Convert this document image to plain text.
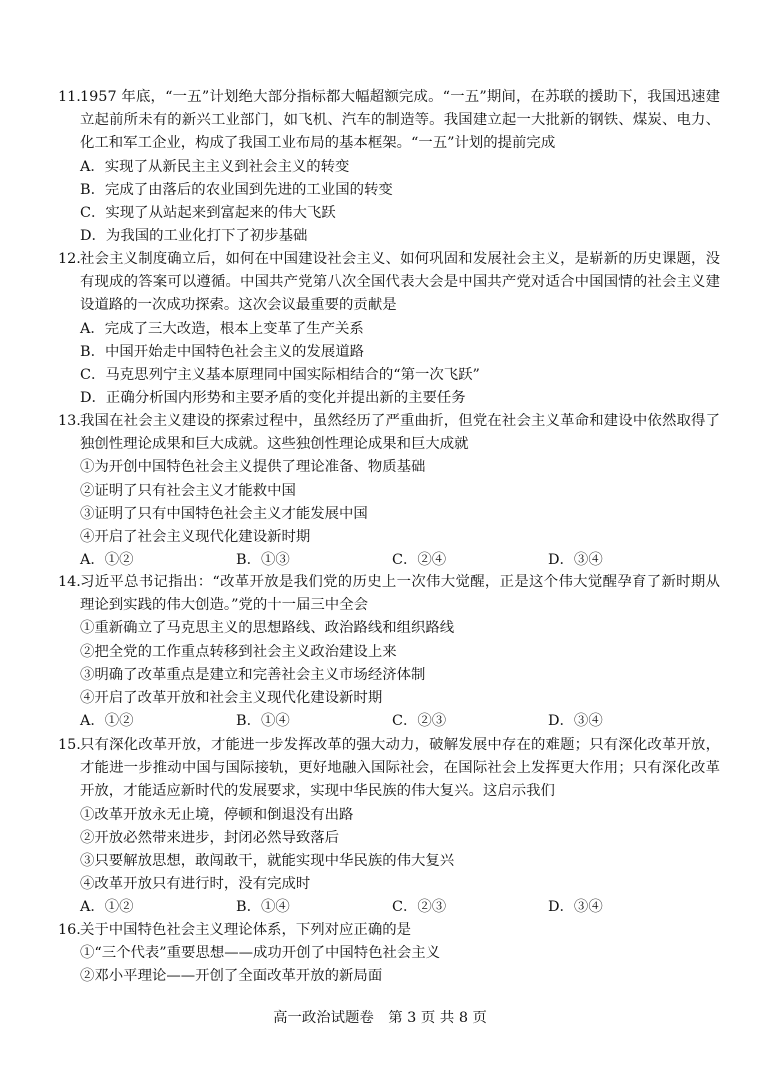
11. 1957 年底，“一五”计划绝大部分指标都大幅超额完成。“一五”期间，在苏联的援助下，我国迅速建立起前所未有的新兴工业部门，如飞机、汽车的制造等。我国建立起一大批新的钢铁、煤炭、电力、化工和军工企业，构成了我国工业布局的基本框架。“一五”计划的提前完成
A．实现了从新民主主义到社会主义的转变
B．完成了由落后的农业国到先进的工业国的转变
C．实现了从站起来到富起来的伟大飞跃
D．为我国的工业化打下了初步基础
12. 社会主义制度确立后，如何在中国建设社会主义、如何巩固和发展社会主义，是崭新的历史课题，没有现成的答案可以遵循。中国共产党第八次全国代表大会是中国共产党对适合中国国情的社会主义建设道路的一次成功探索。这次会议最重要的贡献是
A．完成了三大改造，根本上变革了生产关系
B．中国开始走中国特色社会主义的发展道路
C．马克思列宁主义基本原理同中国实际相结合的“第一次飞跃”
D．正确分析国内形势和主要矛盾的变化并提出新的主要任务
13. 我国在社会主义建设的探索过程中，虽然经历了严重曲折，但党在社会主义革命和建设中依然取得了独创性理论成果和巨大成就。这些独创性理论成果和巨大成就
①为开创中国特色社会主义提供了理论准备、物质基础
②证明了只有社会主义才能救中国
③证明了只有中国特色社会主义才能发展中国
④开启了社会主义现代化建设新时期
A．①②	B．①③	C．②④	D．③④
14. 习近平总书记指出：“改革开放是我们党的历史上一次伟大觉醒，正是这个伟大觉醒孕育了新时期从理论到实践的伟大创造。”党的十一届三中全会
①重新确立了马克思主义的思想路线、政治路线和组织路线
②把全党的工作重点转移到社会主义政治建设上来
③明确了改革重点是建立和完善社会主义市场经济体制
④开启了改革开放和社会主义现代化建设新时期
A．①②	B．①④	C．②③	D．③④
15. 只有深化改革开放，才能进一步发挥改革的强大动力，破解发展中存在的难题；只有深化改革开放，才能进一步推动中国与国际接轨，更好地融入国际社会，在国际社会上发挥更大作用；只有深化改革开放，才能适应新时代的发展要求，实现中华民族的伟大复兴。这启示我们
①改革开放永无止境，停顿和倒退没有出路
②开放必然带来进步，封闭必然导致落后
③只要解放思想，敢闯敢干，就能实现中华民族的伟大复兴
④改革开放只有进行时，没有完成时
A．①②	B．①④	C．②③	D．③④
16. 关于中国特色社会主义理论体系，下列对应正确的是
①“三个代表”重要思想——成功开创了中国特色社会主义
②邓小平理论——开创了全面改革开放的新局面
高一政治试题卷　第 3 页 共 8 页
